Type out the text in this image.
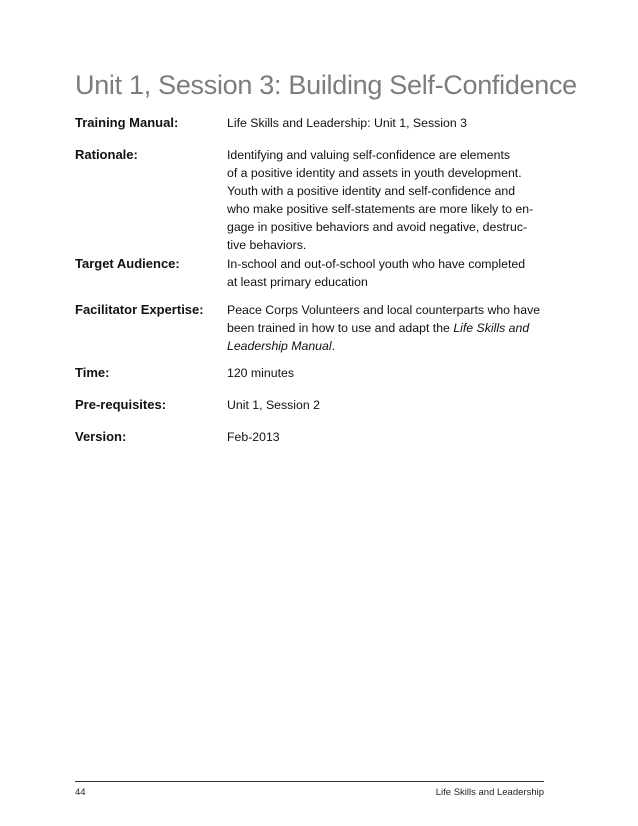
Unit 1, Session 3: Building Self-Confidence
Training Manual:	Life Skills and Leadership: Unit 1, Session 3
Rationale:	Identifying and valuing self-confidence are elements
of a positive identity and assets in youth development.
Youth with a positive identity and self-confidence and
who make positive self-statements are more likely to en-
gage in positive behaviors and avoid negative, destruc-
tive behaviors.
Target Audience:	In-school and out-of-school youth who have completed
at least primary education
Facilitator Expertise:	Peace Corps Volunteers and local counterparts who have
been trained in how to use and adapt the Life Skills and
Leadership Manual.
Time:	120 minutes
Pre-requisites:	Unit 1, Session 2
Version:	Feb-2013
44	Life Skills and Leadership
